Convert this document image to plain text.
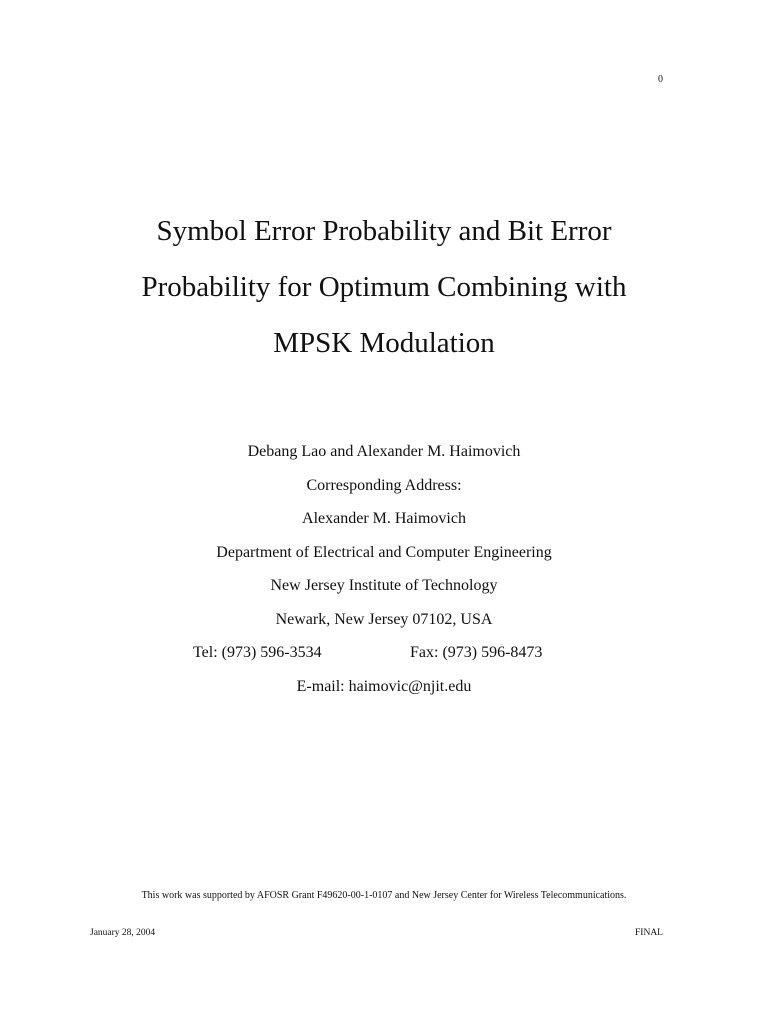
0
Symbol Error Probability and Bit Error
Probability for Optimum Combining with
MPSK Modulation
Debang Lao and Alexander M. Haimovich
Corresponding Address:
Alexander M. Haimovich
Department of Electrical and Computer Engineering
New Jersey Institute of Technology
Newark, New Jersey 07102, USA
Tel: (973) 596-3534	Fax: (973) 596-8473
E-mail: haimovic@njit.edu
This work was supported by AFOSR Grant F49620-00-1-0107 and New Jersey Center for Wireless Telecommunications.
January 28, 2004	FINAL
